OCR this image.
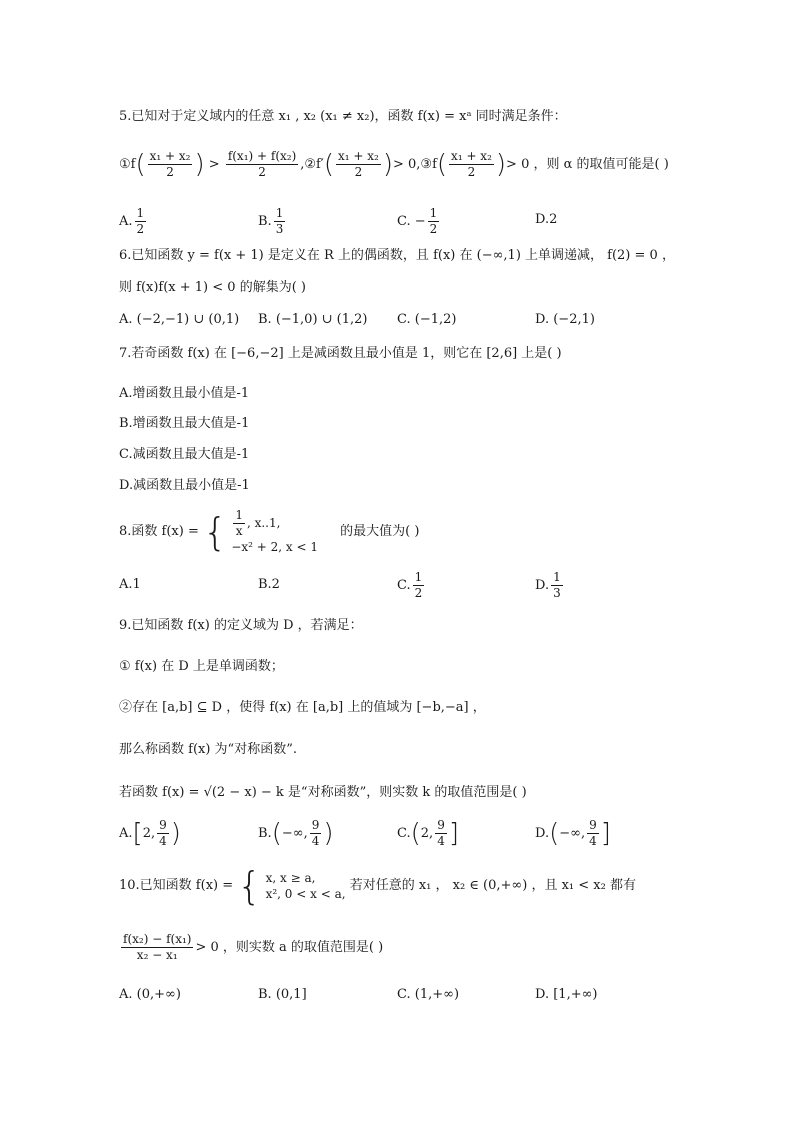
5.已知对于定义域内的任意 x₁ , x₂ (x₁ ≠ x₂)，函数 f(x) = xᵃ 同时满足条件：
①f( $\frac{\text{x₁ + x₂}}{2}$ ) > $\frac{\text{f(x₁) + f(x₂)}}{2}$ ,②f′( $\frac{\text{x₁ + x₂}}{2}$ )> 0,③f( $\frac{\text{x₁ + x₂}}{2}$ )> 0 ，则 α 的取值可能是( )
A. $\frac{1}{2}$	B. $\frac{1}{3}$	C. − $\frac{1}{2}$	D.2
6.已知函数 y = f(x + 1) 是定义在 R 上的偶函数，且 f(x) 在 (−∞,1) 上单调递减， f(2) = 0 ，
则 f(x)f(x + 1) < 0 的解集为( )
A. (−2,−1) ∪ (0,1) B. (−1,0) ∪ (1,2) C. (−1,2)	D. (−2,1)
7.若奇函数 f(x) 在 [−6,−2] 上是减函数且最小值是 1，则它在 [2,6] 上是( )
A.增函数且最小值是-1
B.增函数且最大值是-1
C.减函数且最大值是-1
D.减函数且最小值是-1
8.函数 f(x) = { $\frac{1}{x}$ , x..1,
−x² + 2, x < 1
的最大值为( )
A.1	B.2	C. $\frac{1}{2}$	D. $\frac{1}{3}$
9.已知函数 f(x) 的定义域为 D ，若满足：
① f(x) 在 D 上是单调函数；
②存在 [a,b] ⊆ D ，使得 f(x) 在 [a,b] 上的值域为 [−b,−a] ，
那么称函数 f(x) 为“对称函数”.
若函数 f(x) = √(2 − x) − k 是“对称函数”，则实数 k 的取值范围是( )
A.[2, $\frac{9}{4}$ )	B.(−∞, $\frac{9}{4}$ )	C.(2, $\frac{9}{4}$ ]	D.(−∞, $\frac{9}{4}$ ]
10.已知函数 f(x) = { x, x ≥ a,
x², 0 < x < a,
若对任意的 x₁ ， x₂ ∈ (0,+∞) ，且 x₁ < x₂ 都有
$\frac{\text{f(x₂) − f(x₁)}}{\text{x₂ − x₁}} > 0$ ，则实数 a 的取值范围是( )
A. (0,+∞)	B. (0,1]	C. (1,+∞)	D. [1,+∞)
